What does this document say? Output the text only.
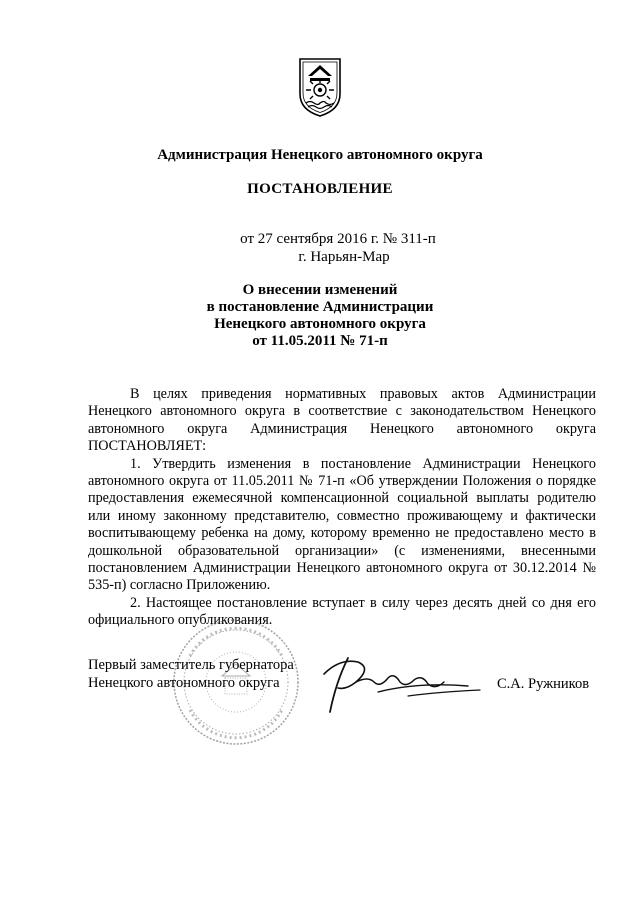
Администрация Ненецкого автономного округа
ПОСТАНОВЛЕНИЕ
от 27 сентября 2016 г. № 311-п
г. Нарьян-Мар
О внесении изменений
в постановление Администрации
Ненецкого автономного округа
от 11.05.2011 № 71-п

В целях приведения нормативных правовых актов Администрации Ненецкого автономного округа в соответствие с законодательством Ненецкого автономного округа Администрация Ненецкого автономного округа ПОСТАНОВЛЯЕТ:

1. Утвердить изменения в постановление Администрации Ненецкого автономного округа от 11.05.2011 № 71-п «Об утверждении Положения о порядке предоставления ежемесячной компенсационной социальной выплаты родителю или иному законному представителю, совместно проживающему и фактически воспитывающему ребенка на дому, которому временно не предоставлено место в дошкольной образовательной организации» (с изменениями, внесенными постановлением Администрации Ненецкого автономного округа от 30.12.2014 № 535-п) согласно Приложению.

2. Настоящее постановление вступает в силу через десять дней со дня его официального опубликования.

Первый заместитель губернатора
Ненецкого автономного округа	С.А. Ружников
